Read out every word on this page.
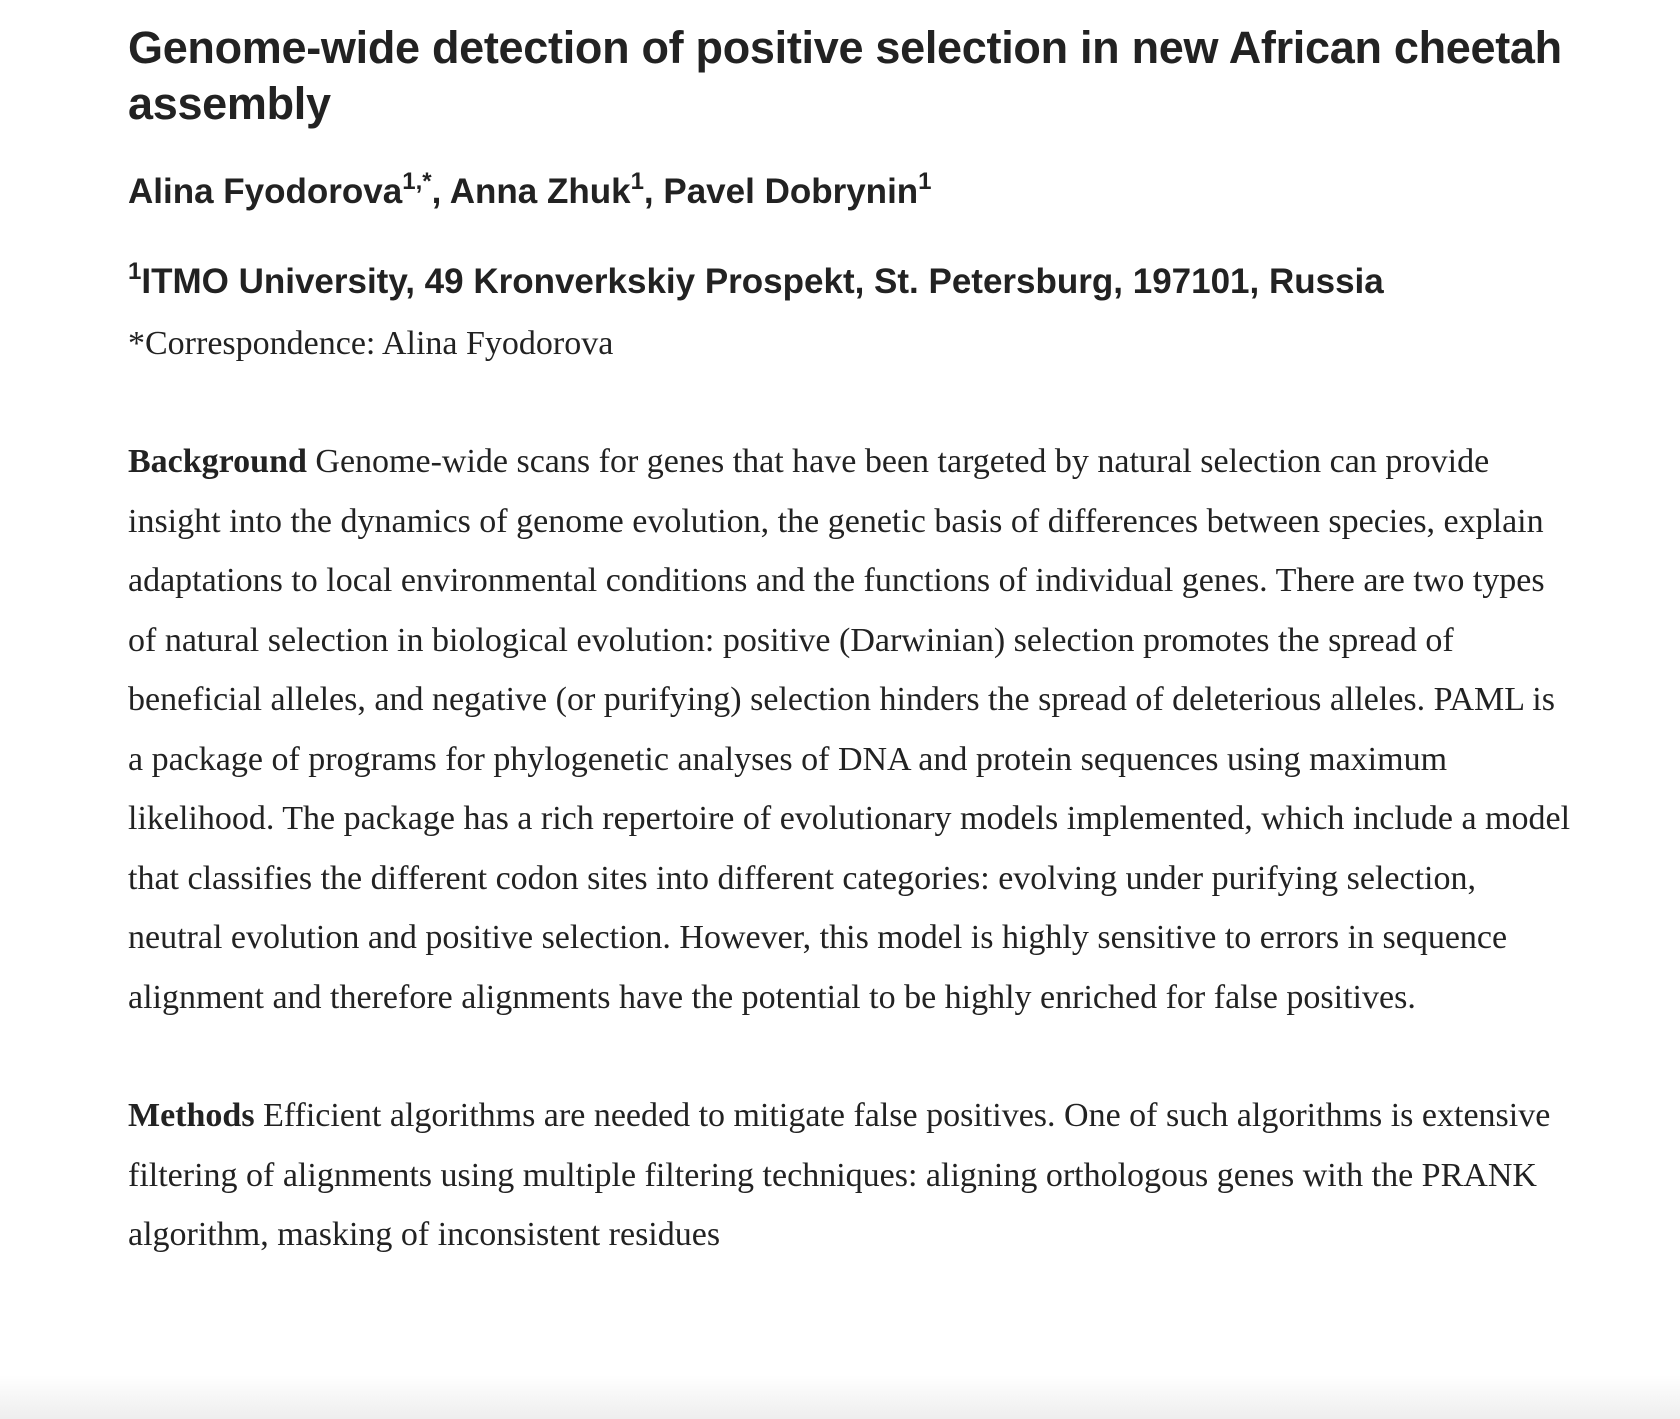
Genome-wide detection of positive selection in new African cheetah assembly
Alina Fyodorova$^{1,*}$, Anna Zhuk$^1$, Pavel Dobrynin$^1$
$^1$ITMO University, 49 Kronverkskiy Prospekt, St. Petersburg, 197101, Russia

*Correspondence: Alina Fyodorova

Background Genome-wide scans for genes that have been targeted by natural selection can provide insight into the dynamics of genome evolution, the genetic basis of differences between species, explain adaptations to local environmental conditions and the functions of individual genes. There are two types of natural selection in biological evolution: positive (Darwinian) selection promotes the spread of beneficial alleles, and negative (or purifying) selection hinders the spread of deleterious alleles. PAML is a package of programs for phylogenetic analyses of DNA and protein sequences using maximum likelihood. The package has a rich repertoire of evolutionary models implemented, which include a model that classifies the different codon sites into different categories: evolving under purifying selection, neutral evolution and positive selection. However, this model is highly sensitive to errors in sequence alignment and therefore alignments have the potential to be highly enriched for false positives.

Methods Efficient algorithms are needed to mitigate false positives. One of such algorithms is extensive filtering of alignments using multiple filtering techniques: aligning orthologous genes with the PRANK algorithm, masking of inconsistent residues
